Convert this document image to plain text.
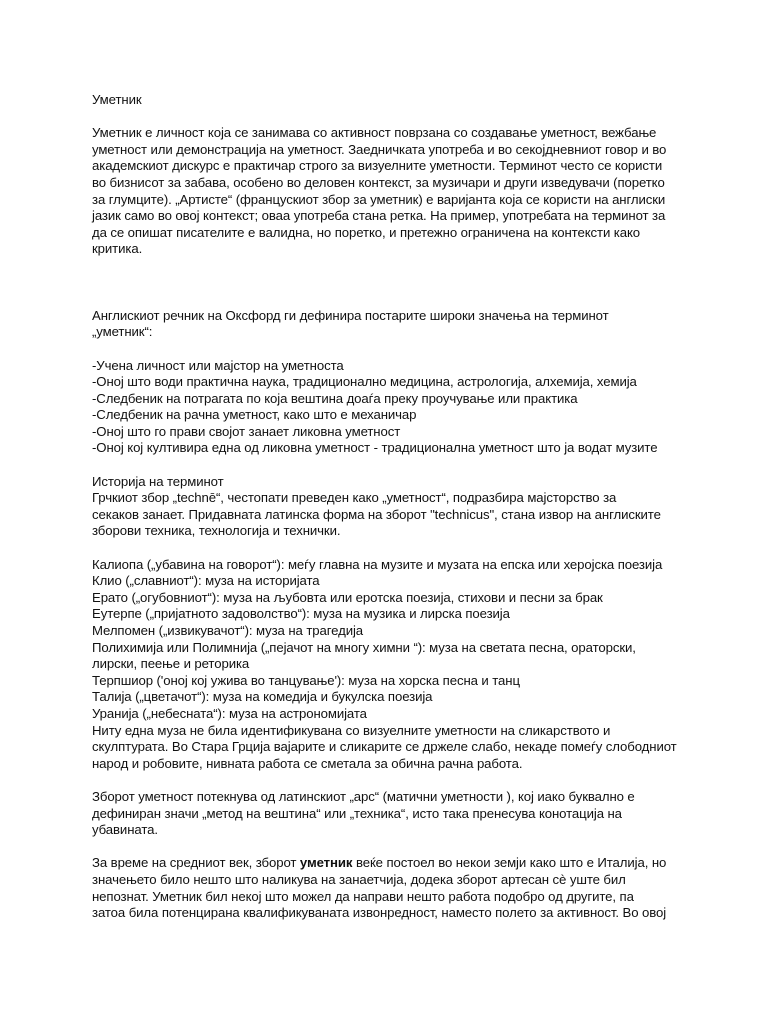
Уметник

Уметник е личност која се занимава со активност поврзана со создавање уметност, вежбање
уметност или демонстрација на уметност. Заедничката употреба и во секојдневниот говор и во
академскиот дискурс е практичар строго за визуелните уметности. Терминот често се користи
во бизнисот за забава, особено во деловен контекст, за музичари и други изведувачи (поретко
за глумците). „Артисте“ (францускиот збор за уметник) е варијанта која се користи на англиски
јазик само во овој контекст; оваа употреба стана ретка. На пример, употребата на терминот за
да се опишат писателите е валидна, но поретко, и претежно ограничена на контексти како
критика.

Англискиот речник на Оксфорд ги дефинира постарите широки значења на терминот
„уметник“:

-Учена личност или мајстор на уметноста
-Оној што води практична наука, традиционално медицина, астрологија, алхемија, хемија
-Следбеник на потрагата по која вештина доаѓа преку проучување или практика
-Следбеник на рачна уметност, како што е механичар
-Оној што го прави својот занает ликовна уметност
-Оној кој култивира една од ликовна уметност - традиционална уметност што ја водат музите

Историја на терминот
Грчкиот збор „technē“, честопати преведен како „уметност“, подразбира мајсторство за
секаков занает. Придавната латинска форма на зборот "technicus", стана извор на англиските
зборови техника, технологија и технички.

Калиопа („убавина на говорот“): меѓу главна на музите и музата на епска или херојска поезија
Клио („славниот“): муза на историјата
Ерато („огубовниот“): муза на љубовта или еротска поезија, стихови и песни за брак
Еутерпе („пријатното задоволство“): муза на музика и лирска поезија
Мелпомен („извикувачот“): муза на трагедија
Полихимија или Полимнија („пејачот на многу химни “): муза на светата песна, ораторски,
лирски, пеење и реторика
Терпшиор ('оној кој ужива во танцување'): муза на хорска песна и танц
Талија („цветачот“): муза на комедија и букулска поезија
Уранија („небесната“): муза на астрономијата
Ниту една муза не била идентификувана со визуелните уметности на сликарството и
скулптурата. Во Стара Грција вајарите и сликарите се држеле слабо, некаде помеѓу слободниот
народ и робовите, нивната работа се сметала за обична рачна работа.

Зборот уметност потекнува од латинскиот „арс“ (матични уметности ), кој иако буквално е
дефиниран значи „метод на вештина“ или „техника“, исто така пренесува конотација на
убавината.

За време на средниот век, зборот уметник веќе постоел во некои земји како што е Италија, но
значењето било нешто што наликува на занаетчија, додека зборот артесан сè уште бил
непознат. Уметник бил некој што можел да направи нешто работа подобро од другите, па
затоа била потенцирана квалификуваната извонредност, наместо полето за активност. Во овој
